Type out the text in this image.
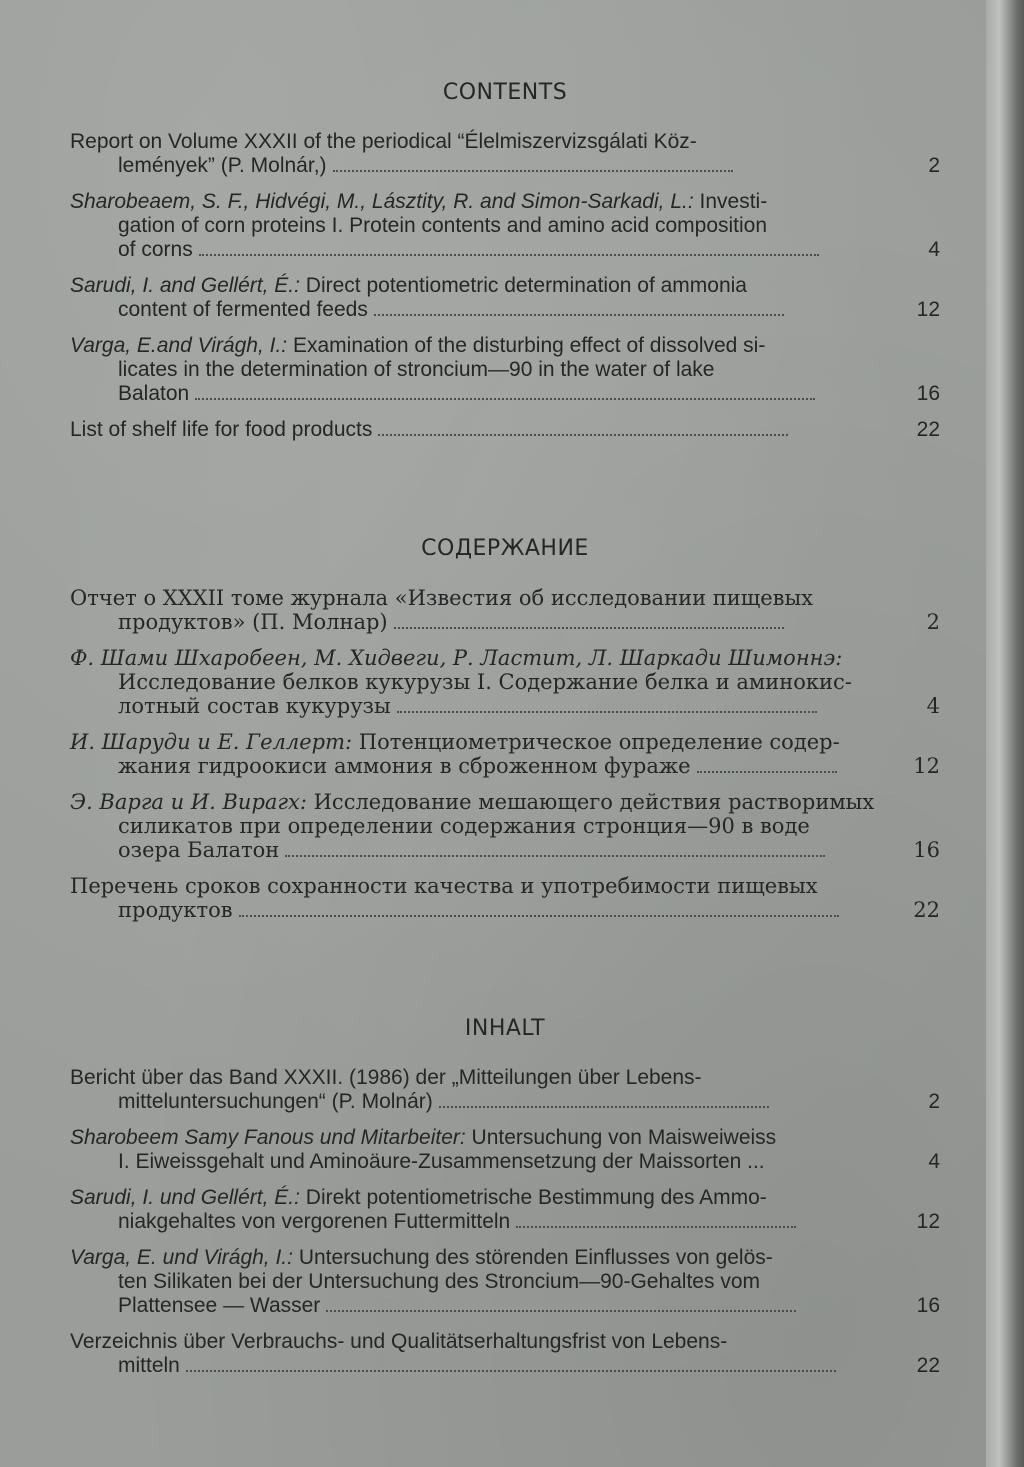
CONTENTS
Report on Volume XXXII of the periodical “Élelmiszervizsgálati Köz-
lemények” (P. Molnár,)	2
Sharobeaem, S. F., Hidvégi, M., Lásztity, R. and Simon-Sarkadi, L.: Investi-
gation of corn proteins I. Protein contents and amino acid composition
of corns	4
Sarudi, I. and Gellért, É.: Direct potentiometric determination of ammonia
content of fermented feeds	12
Varga, E.and Virágh, I.: Examination of the disturbing effect of dissolved si-
licates in the determination of stroncium—90 in the water of lake
Balaton	16
List of shelf life for food products	22
СОДЕРЖАНИЕ
Отчет о XXXII томе журнала «Известия об исследовании пищевых
продуктов» (П. Молнар)	2
Ф. Шами Шхаробеен, М. Хидвеги, Р. Ластит, Л. Шаркади Шимоннэ:
Исследование белков кукурузы I. Содержание белка и аминокис-
лотный состав кукурузы	4
И. Шаруди и Е. Геллерт: Потенциометрическое определение содер-
жания гидроокиси аммония в сброженном фураже	12
Э. Варга и И. Вирагх: Исследование мешающего действия растворимых
силикатов при определении содержания стронция—90 в воде
озера Балатон	16
Перечень сроков сохранности качества и употребимости пищевых
продуктов	22
INHALT
Bericht über das Band XXXII. (1986) der „Mitteilungen über Lebens-
mitteluntersuchungen“ (P. Molnár)	2
Sharobeem Samy Fanous und Mitarbeiter: Untersuchung von Maisweiweiss
I. Eiweissgehalt und Aminoäure-Zusammensetzung der Maissorten ...	4
Sarudi, I. und Gellért, É.: Direkt potentiometrische Bestimmung des Ammo-
niakgehaltes von vergorenen Futtermitteln	12
Varga, E. und Virágh, I.: Untersuchung des störenden Einflusses von gelös-
ten Silikaten bei der Untersuchung des Stroncium—90-Gehaltes vom
Plattensee — Wasser	16
Verzeichnis über Verbrauchs- und Qualitätserhaltungsfrist von Lebens-
mitteln	22
